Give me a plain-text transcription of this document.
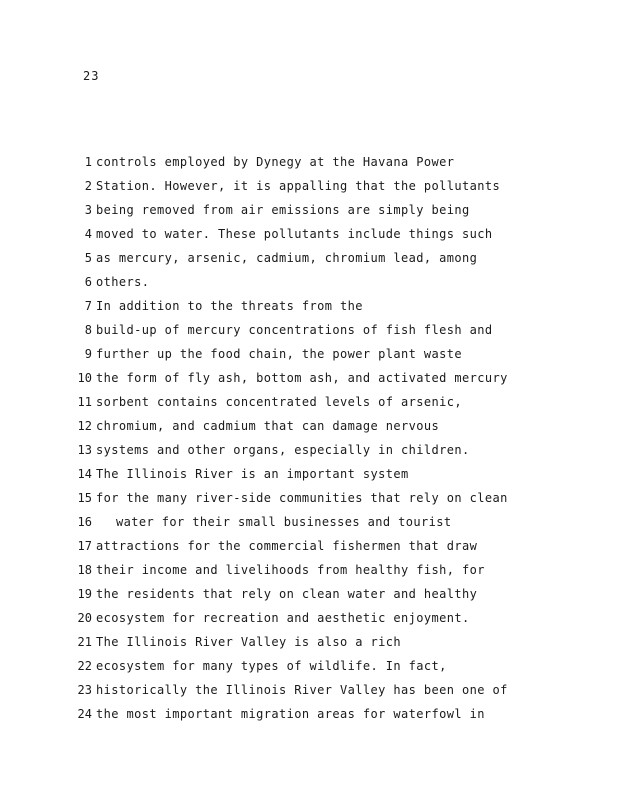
23
1 controls employed by Dynegy at the Havana Power
2 Station. However, it is appalling that the pollutants
3 being removed from air emissions are simply being
4 moved to water. These pollutants include things such
5 as mercury, arsenic, cadmium, chromium lead, among
6 others.
7 In addition to the threats from the
8 build-up of mercury concentrations of fish flesh and
9 further up the food chain, the power plant waste
10 the form of fly ash, bottom ash, and activated mercury
11 sorbent contains concentrated levels of arsenic,
12 chromium, and cadmium that can damage nervous
13 systems and other organs, especially in children.
14 The Illinois River is an important system
15 for the many river-side communities that rely on clean
16 water for their small businesses and tourist
17 attractions for the commercial fishermen that draw
18 their income and livelihoods from healthy fish, for
19 the residents that rely on clean water and healthy
20 ecosystem for recreation and aesthetic enjoyment.
21 The Illinois River Valley is also a rich
22 ecosystem for many types of wildlife. In fact,
23 historically the Illinois River Valley has been one of
24 the most important migration areas for waterfowl in
